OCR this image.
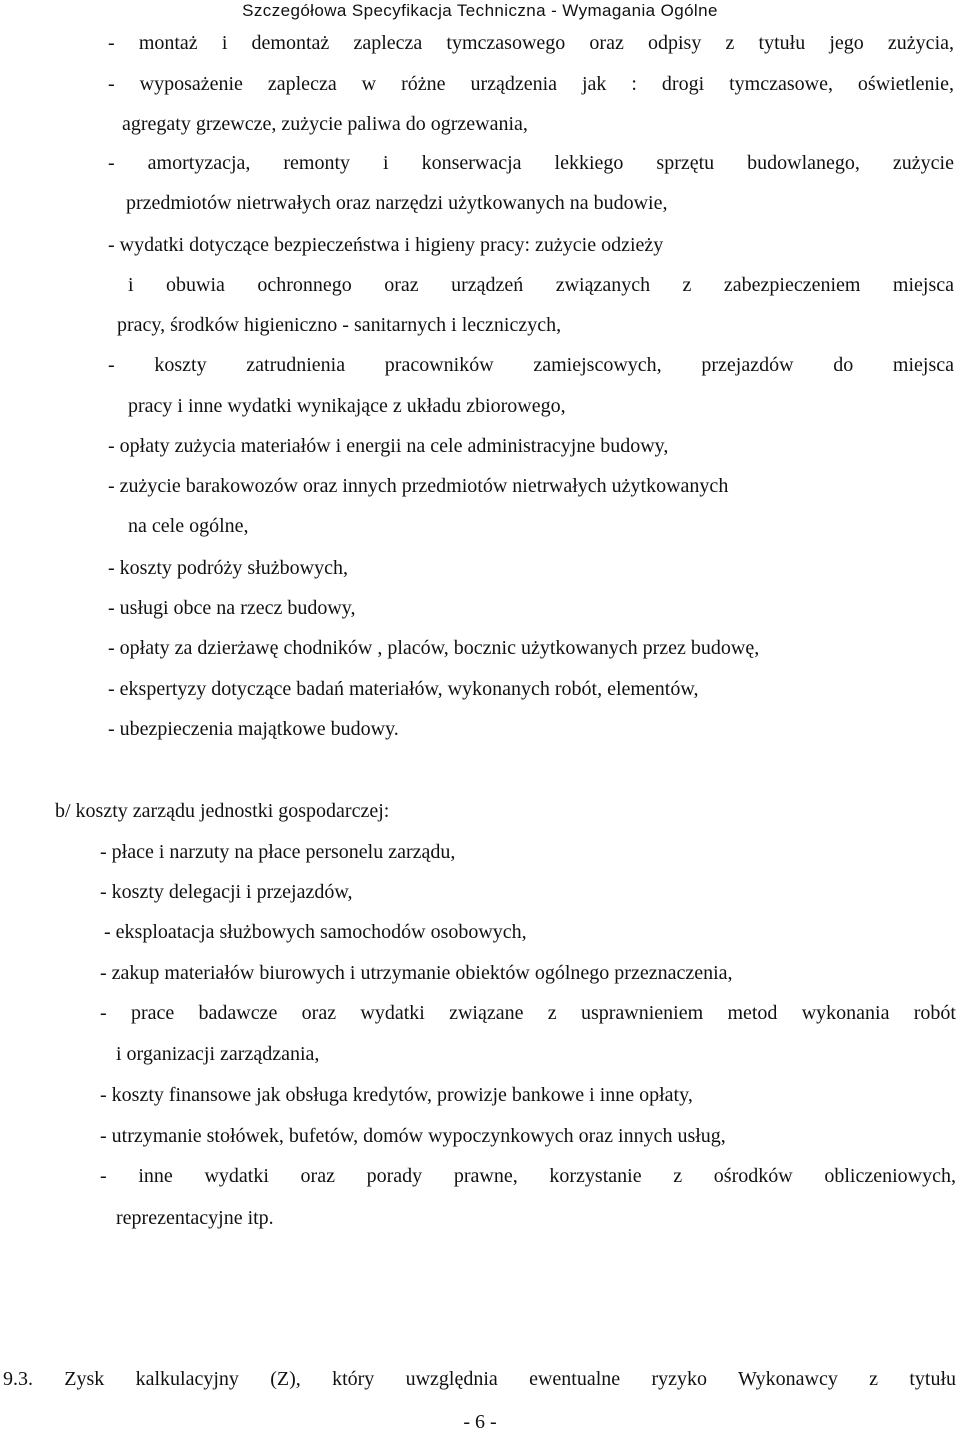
Szczegółowa Specyfikacja Techniczna - Wymagania Ogólne

- montaż i demontaż zaplecza tymczasowego oraz odpisy z tytułu jego zużycia,

- wyposażenie zaplecza w różne urządzenia jak : drogi tymczasowe, oświetlenie,

agregaty grzewcze, zużycie paliwa do ogrzewania,

- amortyzacja, remonty i konserwacja lekkiego sprzętu budowlanego, zużycie

przedmiotów nietrwałych oraz narzędzi użytkowanych na budowie,

- wydatki dotyczące bezpieczeństwa i higieny pracy: zużycie odzieży

i obuwia ochronnego oraz urządzeń związanych z zabezpieczeniem miejsca

pracy, środków higieniczno - sanitarnych i leczniczych,

- koszty zatrudnienia pracowników zamiejscowych, przejazdów do miejsca

pracy i inne wydatki wynikające z układu zbiorowego,

- opłaty zużycia materiałów i energii na cele administracyjne budowy,

- zużycie barakowozów oraz innych przedmiotów nietrwałych użytkowanych

na cele ogólne,

- koszty podróży służbowych,

- usługi obce na rzecz budowy,

- opłaty za dzierżawę chodników , placów, bocznic użytkowanych przez budowę,

- ekspertyzy dotyczące badań materiałów, wykonanych robót, elementów,

- ubezpieczenia majątkowe budowy.

b/ koszty zarządu jednostki gospodarczej:

- płace i narzuty na płace personelu zarządu,

- koszty delegacji i przejazdów,

- eksploatacja służbowych samochodów osobowych,

- zakup materiałów biurowych i utrzymanie obiektów ogólnego przeznaczenia,

- prace badawcze oraz wydatki związane z usprawnieniem metod wykonania robót

i organizacji zarządzania,

- koszty finansowe jak obsługa kredytów, prowizje bankowe i inne opłaty,

- utrzymanie stołówek, bufetów, domów wypoczynkowych oraz innych usług,

- inne wydatki oraz porady prawne, korzystanie z ośrodków obliczeniowych,

reprezentacyjne itp.

9.3. Zysk kalkulacyjny (Z), który uwzględnia ewentualne ryzyko Wykonawcy z tytułu

- 6 -
